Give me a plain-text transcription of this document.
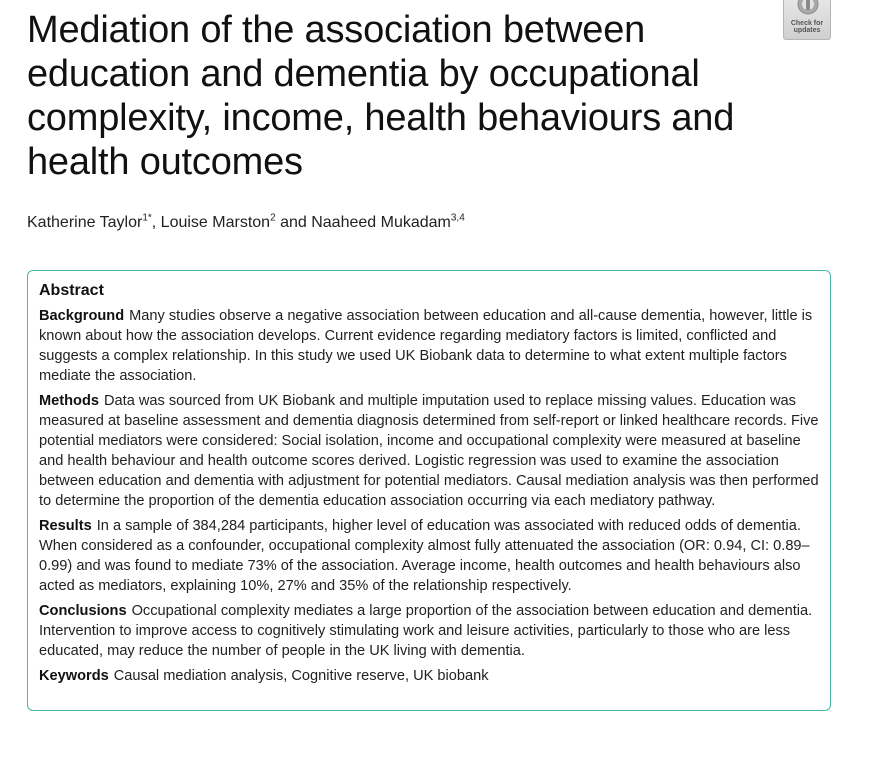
Mediation of the association between education and dementia by occupational complexity, income, health behaviours and health outcomes
Check for updates
Katherine Taylor$^{1*}$, Louise Marston$^2$ and Naaheed Mukadam$^{3,4}$
Abstract

Background Many studies observe a negative association between education and all-cause dementia, however, little is known about how the association develops. Current evidence regarding mediatory factors is limited, conflicted and suggests a complex relationship. In this study we used UK Biobank data to determine to what extent multiple factors mediate the association.

Methods Data was sourced from UK Biobank and multiple imputation used to replace missing values. Education was measured at baseline assessment and dementia diagnosis determined from self-report or linked healthcare records. Five potential mediators were considered: Social isolation, income and occupational complexity were measured at baseline and health behaviour and health outcome scores derived. Logistic regression was used to examine the association between education and dementia with adjustment for potential mediators. Causal mediation analysis was then performed to determine the proportion of the dementia education association occurring via each mediatory pathway.

Results In a sample of 384,284 participants, higher level of education was associated with reduced odds of dementia. When considered as a confounder, occupational complexity almost fully attenuated the association (OR: 0.94, CI: 0.89–0.99) and was found to mediate 73% of the association. Average income, health outcomes and health behaviours also acted as mediators, explaining 10%, 27% and 35% of the relationship respectively.

Conclusions Occupational complexity mediates a large proportion of the association between education and dementia. Intervention to improve access to cognitively stimulating work and leisure activities, particularly to those who are less educated, may reduce the number of people in the UK living with dementia.

Keywords Causal mediation analysis, Cognitive reserve, UK biobank
